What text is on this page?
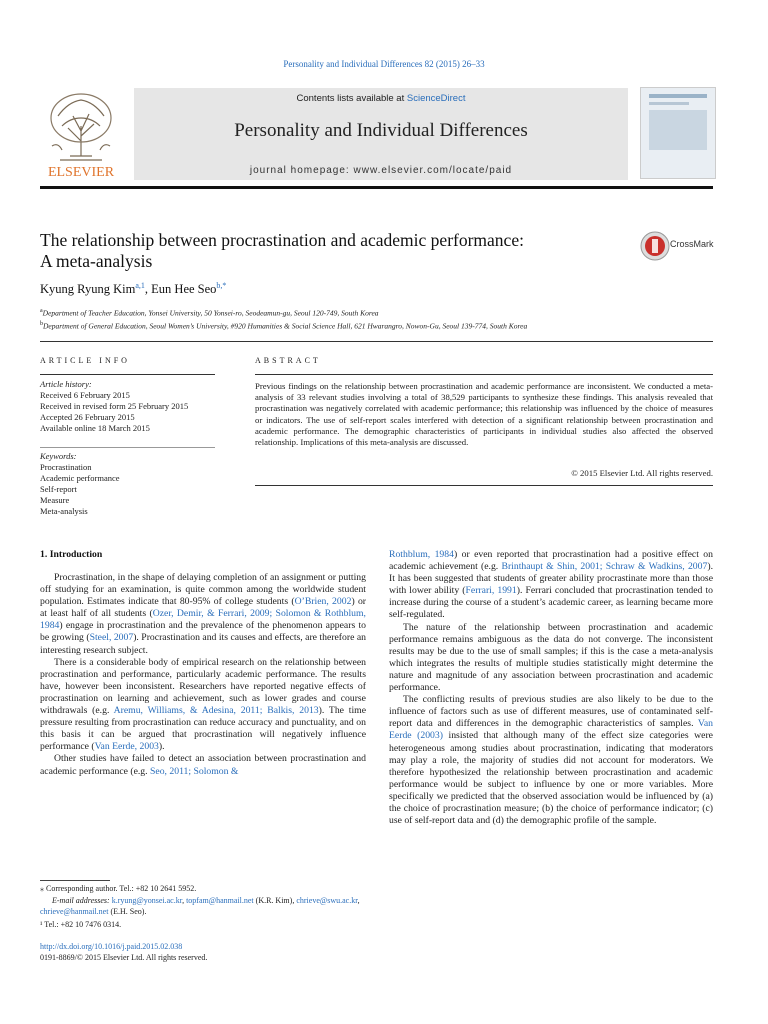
Personality and Individual Differences 82 (2015) 26–33
ELSEVIER
Contents lists available at ScienceDirect
Personality and Individual Differences
journal homepage: www.elsevier.com/locate/paid
The relationship between procrastination and academic performance:
A meta-analysis
CrossMark
Kyung Ryung Kim$^{a,1}$, Eun Hee Seo$^{b,*}$
$^a$Department of Teacher Education, Yonsei University, 50 Yonsei-ro, Seodeamun-gu, Seoul 120-749, South Korea
$^b$Department of General Education, Seoul Women’s University, #920 Humanities & Social Science Hall, 621 Hwarangro, Nowon-Gu, Seoul 139-774, South Korea
ARTICLE INFO	ABSTRACT
Article history:
Received 6 February 2015
Received in revised form 25 February 2015
Accepted 26 February 2015
Available online 18 March 2015
Keywords:
Procrastination
Academic performance
Self-report
Measure
Meta-analysis
Previous findings on the relationship between procrastination and academic performance are inconsistent. We conducted a meta-analysis of 33 relevant studies involving a total of 38,529 participants to synthesize these findings. This analysis revealed that procrastination was negatively correlated with academic performance; this relationship was influenced by the choice of measures or indicators. The use of self-report scales interfered with detection of a significant relationship between procrastination and academic performance. The demographic characteristics of participants in individual studies also affected the observed relationship. Implications of this meta-analysis are discussed.
© 2015 Elsevier Ltd. All rights reserved.
1. Introduction

Procrastination, in the shape of delaying completion of an assignment or putting off studying for an examination, is quite common among the worldwide student population. Estimates indicate that 80-95% of college students (O’Brien, 2002) or at least half of all students (Ozer, Demir, & Ferrari, 2009; Solomon & Rothblum, 1984) engage in procrastination and the prevalence of the phenomenon appears to be growing (Steel, 2007). Procrastination and its causes and effects, are therefore an interesting research subject.

There is a considerable body of empirical research on the relationship between procrastination and performance, particularly academic performance. The results have, however been inconsistent. Researchers have reported negative effects of procrastination on learning and achievement, such as lower grades and course withdrawals (e.g. Aremu, Williams, & Adesina, 2011; Balkis, 2013). The time pressure resulting from procrastination can reduce accuracy and punctuality, and on this basis it can be argued that procrastination will negatively influence performance (Van Eerde, 2003).

Other studies have failed to detect an association between procrastination and academic performance (e.g. Seo, 2011; Solomon &

Rothblum, 1984) or even reported that procrastination had a positive effect on academic achievement (e.g. Brinthaupt & Shin, 2001; Schraw & Wadkins, 2007). It has been suggested that students of greater ability procrastinate more than those with lower ability (Ferrari, 1991). Ferrari concluded that procrastination tended to increase during the course of a student’s academic career, as learning became more self-regulated.

The nature of the relationship between procrastination and academic performance remains ambiguous as the data do not converge. The inconsistent results may be due to the use of small samples; if this is the case a meta-analysis which integrates the results of multiple studies statistically might determine the nature and magnitude of any association between procrastination and academic performance.

The conflicting results of previous studies are also likely to be due to the influence of factors such as use of different measures, use of contaminated self-report data and differences in the demographic characteristics of samples. Van Eerde (2003) insisted that although many of the effect size categories were heterogeneous among studies about procrastination, indicating that moderators may play a role, the majority of studies did not account for moderators. We therefore hypothesized the relationship between procrastination and academic performance would be subject to influence by one or more variables. More specifically we predicted that the observed association would be influenced by (a) the choice of procrastination measure; (b) the choice of performance indicator; (c) use of self-report data and (d) the demographic profile of the sample.

⁎ Corresponding author. Tel.: +82 10 2641 5952.
E-mail addresses: k.ryung@yonsei.ac.kr, topfam@hanmail.net (K.R. Kim), chrieve@swu.ac.kr, chrieve@hanmail.net (E.H. Seo).
¹ Tel.: +82 10 7476 0314.
http://dx.doi.org/10.1016/j.paid.2015.02.038
0191-8869/© 2015 Elsevier Ltd. All rights reserved.
